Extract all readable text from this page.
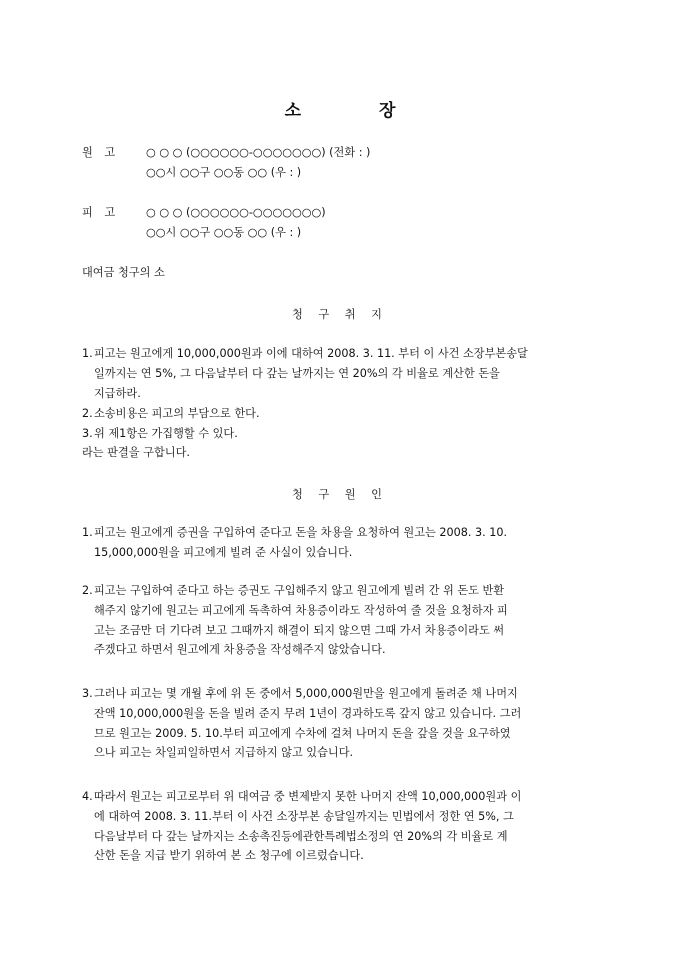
소	장
원 고	○ ○ ○ (○○○○○○-○○○○○○○) (전화 : )
○○시 ○○구 ○○동 ○○ (우 : )
피 고	○ ○ ○ (○○○○○○-○○○○○○○)
○○시 ○○구 ○○동 ○○ (우 : )
대여금 청구의 소
청 구 취 지
1.피고는 원고에게 10,000,000원과 이에 대하여 2008. 3. 11. 부터 이 사건 소장부본송달
일까지는 연 5%, 그 다음날부터 다 갚는 날까지는 연 20%의 각 비율로 계산한 돈을
지급하라.
2.소송비용은 피고의 부담으로 한다.
3.위 제1항은 가집행할 수 있다.
라는 판결을 구합니다.
청 구 원 인
1.피고는 원고에게 증권을 구입하여 준다고 돈을 차용을 요청하여 원고는 2008. 3. 10.
15,000,000원을 피고에게 빌려 준 사실이 있습니다.
2.피고는 구입하여 준다고 하는 증권도 구입해주지 않고 원고에게 빌려 간 위 돈도 반환
해주지 않기에 원고는 피고에게 독촉하여 차용증이라도 작성하여 줄 것을 요청하자 피
고는 조금만 더 기다려 보고 그때까지 해결이 되지 않으면 그때 가서 차용증이라도 써
주겠다고 하면서 원고에게 차용증을 작성해주지 않았습니다.
3.그러나 피고는 몇 개월 후에 위 돈 중에서 5,000,000원만을 원고에게 돌려준 채 나머지
잔액 10,000,000원을 돈을 빌려 준지 무려 1년이 경과하도록 갚지 않고 있습니다. 그러
므로 원고는 2009. 5. 10.부터 피고에게 수차에 걸쳐 나머지 돈을 갚을 것을 요구하였
으나 피고는 차일피일하면서 지급하지 않고 있습니다.
4.따라서 원고는 피고로부터 위 대여금 중 변제받지 못한 나머지 잔액 10,000,000원과 이
에 대하여 2008. 3. 11.부터 이 사건 소장부본 송달일까지는 민법에서 정한 연 5%, 그
다음날부터 다 갚는 날까지는 소송촉진등에관한특례법소정의 연 20%의 각 비율로 계
산한 돈을 지급 받기 위하여 본 소 청구에 이르렀습니다.
